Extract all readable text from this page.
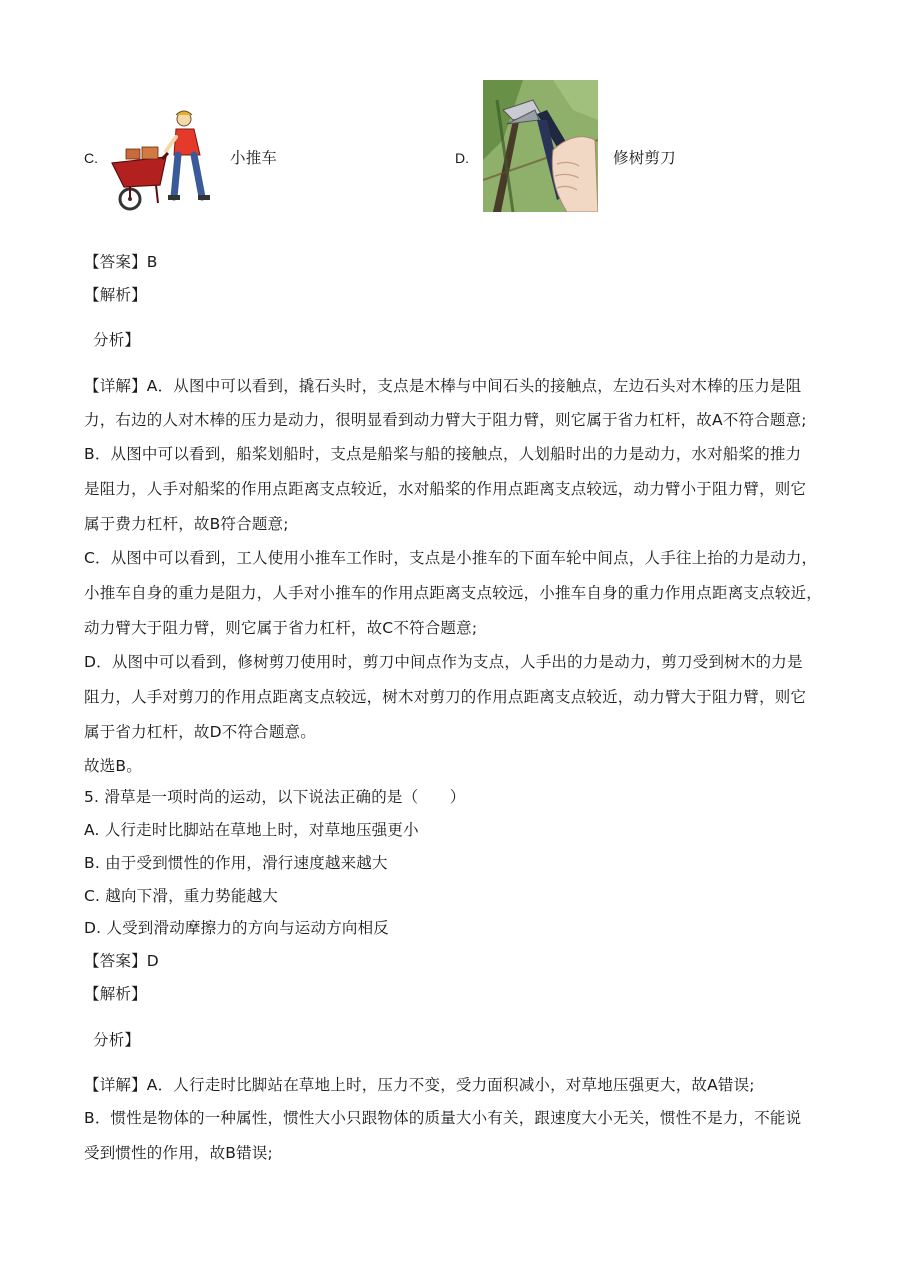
C.	小推车	D.	修树剪刀
【答案】B
【解析】
分析】
【详解】A．从图中可以看到，撬石头时，支点是木棒与中间石头的接触点，左边石头对木棒的压力是阻
力，右边的人对木棒的压力是动力，很明显看到动力臂大于阻力臂，则它属于省力杠杆，故A不符合题意;
B．从图中可以看到，船桨划船时，支点是船桨与船的接触点，人划船时出的力是动力，水对船桨的推力
是阻力，人手对船桨的作用点距离支点较近，水对船桨的作用点距离支点较远，动力臂小于阻力臂，则它
属于费力杠杆，故B符合题意;
C．从图中可以看到，工人使用小推车工作时，支点是小推车的下面车轮中间点，人手往上抬的力是动力，
小推车自身的重力是阻力，人手对小推车的作用点距离支点较远，小推车自身的重力作用点距离支点较近，
动力臂大于阻力臂，则它属于省力杠杆，故C不符合题意;
D．从图中可以看到，修树剪刀使用时，剪刀中间点作为支点，人手出的力是动力，剪刀受到树木的力是
阻力，人手对剪刀的作用点距离支点较远，树木对剪刀的作用点距离支点较近，动力臂大于阻力臂，则它
属于省力杠杆，故D不符合题意。
故选B。
5. 滑草是一项时尚的运动，以下说法正确的是（　　）
A. 人行走时比脚站在草地上时，对草地压强更小
B. 由于受到惯性的作用，滑行速度越来越大
C. 越向下滑，重力势能越大
D. 人受到滑动摩擦力的方向与运动方向相反
【答案】D
【解析】
分析】
【详解】A．人行走时比脚站在草地上时，压力不变，受力面积减小，对草地压强更大，故A错误;
B．惯性是物体的一种属性，惯性大小只跟物体的质量大小有关，跟速度大小无关，惯性不是力，不能说
受到惯性的作用，故B错误;
